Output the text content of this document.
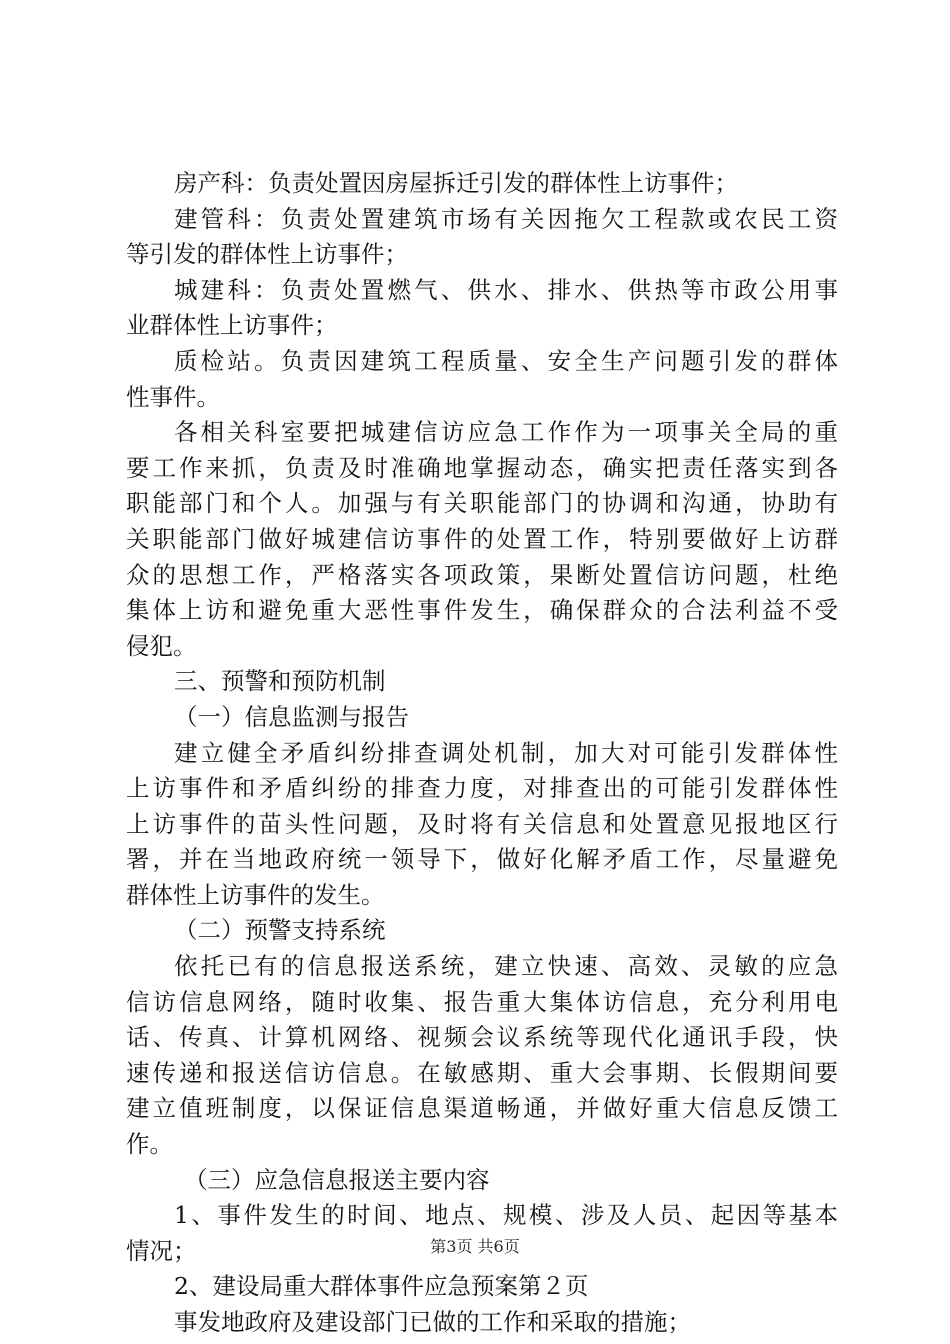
房产科：负责处置因房屋拆迁引发的群体性上访事件；
建管科：负责处置建筑市场有关因拖欠工程款或农民工资
等引发的群体性上访事件；
城建科：负责处置燃气、供水、排水、供热等市政公用事
业群体性上访事件；
质检站。负责因建筑工程质量、安全生产问题引发的群体
性事件。
各相关科室要把城建信访应急工作作为一项事关全局的重
要工作来抓，负责及时准确地掌握动态，确实把责任落实到各
职能部门和个人。加强与有关职能部门的协调和沟通，协助有
关职能部门做好城建信访事件的处置工作，特别要做好上访群
众的思想工作，严格落实各项政策，果断处置信访问题，杜绝
集体上访和避免重大恶性事件发生，确保群众的合法利益不受
侵犯。
三、预警和预防机制
（一）信息监测与报告
建立健全矛盾纠纷排查调处机制，加大对可能引发群体性
上访事件和矛盾纠纷的排查力度，对排查出的可能引发群体性
上访事件的苗头性问题，及时将有关信息和处置意见报地区行
署，并在当地政府统一领导下，做好化解矛盾工作，尽量避免
群体性上访事件的发生。
（二）预警支持系统
依托已有的信息报送系统，建立快速、高效、灵敏的应急
信访信息网络，随时收集、报告重大集体访信息，充分利用电
话、传真、计算机网络、视频会议系统等现代化通讯手段，快
速传递和报送信访信息。在敏感期、重大会事期、长假期间要
建立值班制度，以保证信息渠道畅通，并做好重大信息反馈工
作。
（三）应急信息报送主要内容
1、事件发生的时间、地点、规模、涉及人员、起因等基本
情况；
2、建设局重大群体事件应急预案第２页
事发地政府及建设部门已做的工作和采取的措施；
第3页 共6页
